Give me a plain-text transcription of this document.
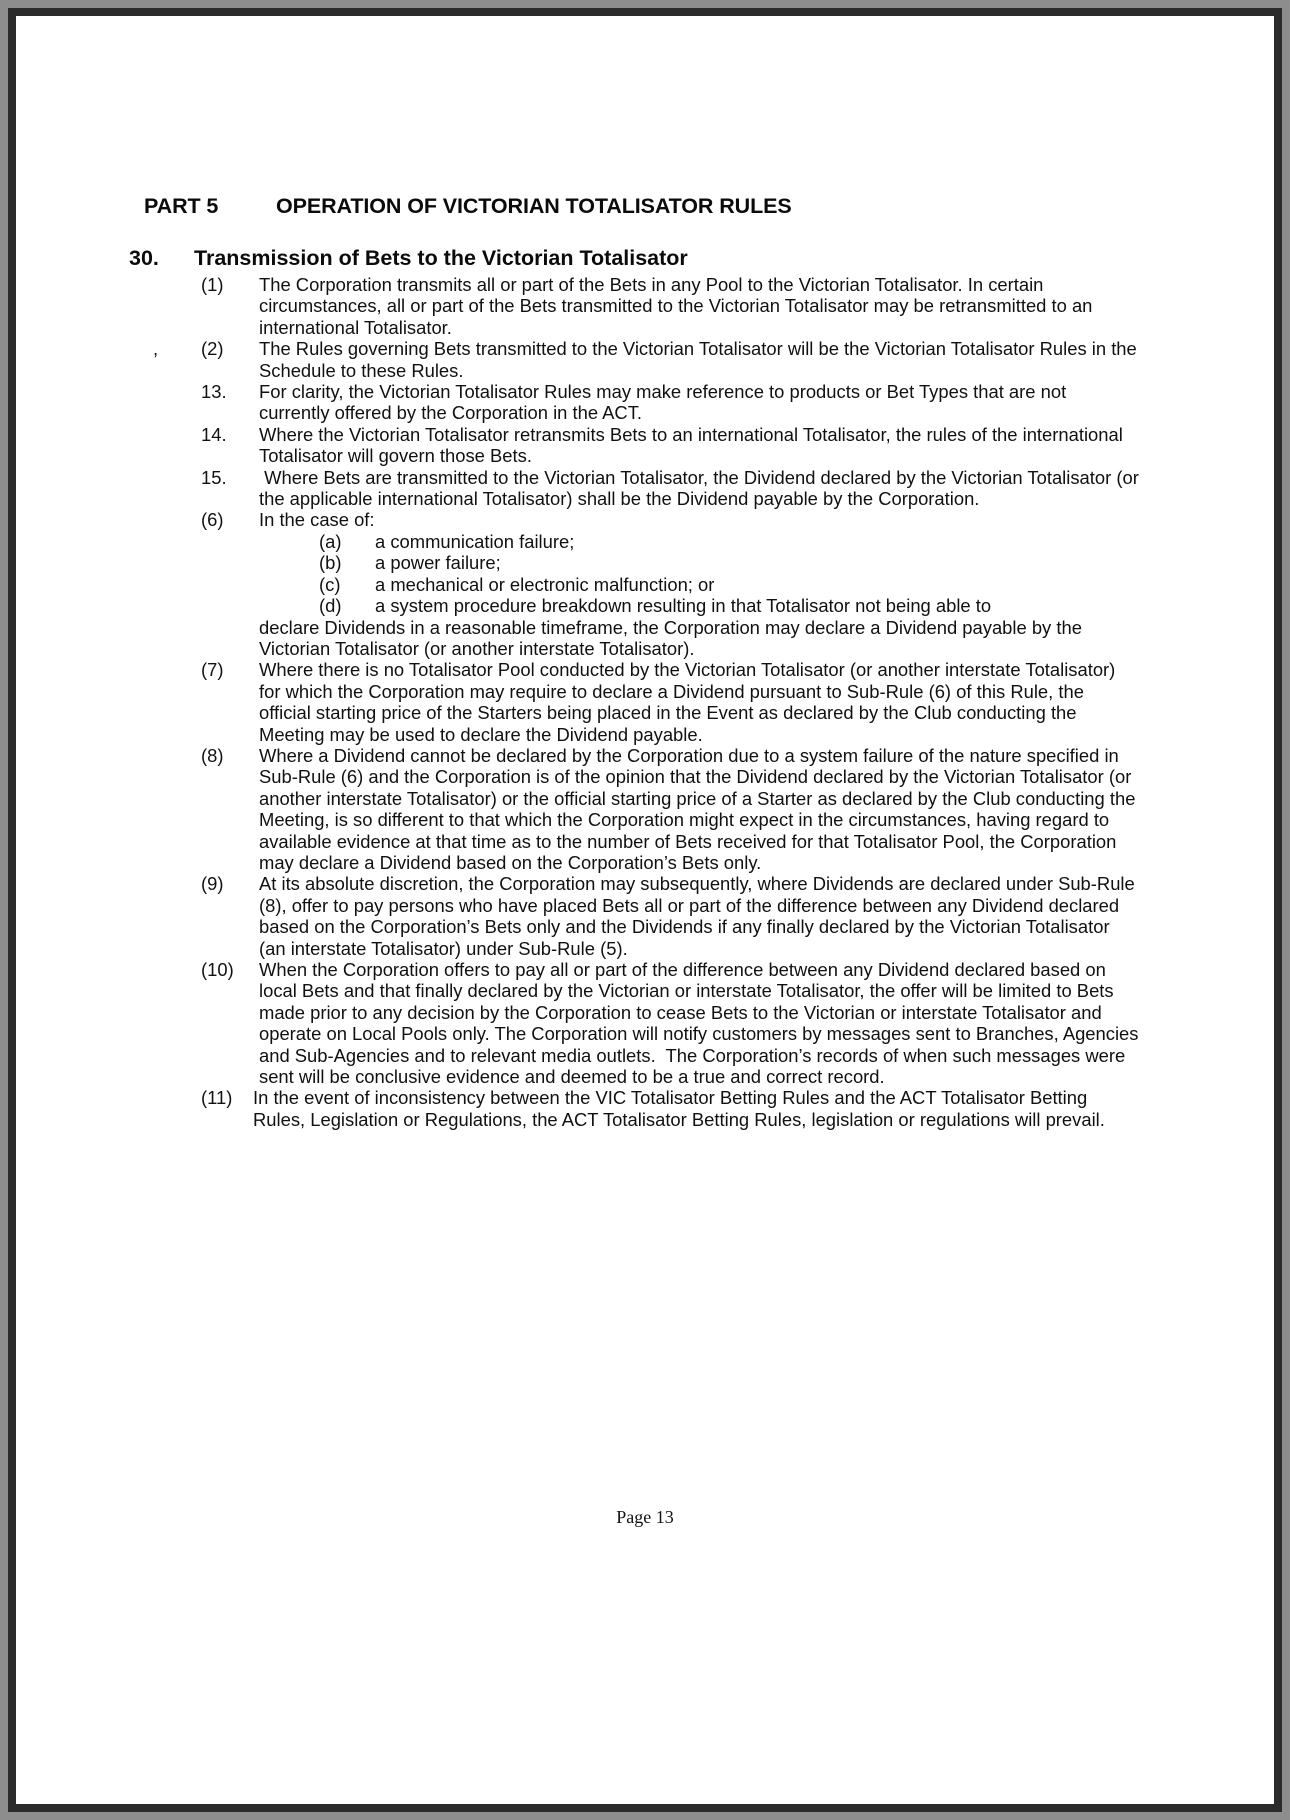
PART 5	OPERATION OF VICTORIAN TOTALISATOR RULES
30. Transmission of Bets to the Victorian Totalisator
(1)	The Corporation transmits all or part of the Bets in any Pool to the Victorian Totalisator. In certain circumstances, all or part of the Bets transmitted to the Victorian Totalisator may be retransmitted to an international Totalisator.
(2)	The Rules governing Bets transmitted to the Victorian Totalisator will be the Victorian Totalisator Rules in the Schedule to these Rules.
,
13.	For clarity, the Victorian Totalisator Rules may make reference to products or Bet Types that are not currently offered by the Corporation in the ACT.
14.	Where the Victorian Totalisator retransmits Bets to an international Totalisator, the rules of the international Totalisator will govern those Bets.
15.	Where Bets are transmitted to the Victorian Totalisator, the Dividend declared by the Victorian Totalisator (or the applicable international Totalisator) shall be the Dividend payable by the Corporation.
(6)	In the case of:
(a)	a communication failure;
(b)	a power failure;
(c)	a mechanical or electronic malfunction; or
(d)	a system procedure breakdown resulting in that Totalisator not being able to
declare Dividends in a reasonable timeframe, the Corporation may declare a Dividend payable by the Victorian Totalisator (or another interstate Totalisator).
(7)	Where there is no Totalisator Pool conducted by the Victorian Totalisator (or another interstate Totalisator) for which the Corporation may require to declare a Dividend pursuant to Sub-Rule (6) of this Rule, the official starting price of the Starters being placed in the Event as declared by the Club conducting the Meeting may be used to declare the Dividend payable.
(8)	Where a Dividend cannot be declared by the Corporation due to a system failure of the nature specified in Sub-Rule (6) and the Corporation is of the opinion that the Dividend declared by the Victorian Totalisator (or another interstate Totalisator) or the official starting price of a Starter as declared by the Club conducting the Meeting, is so different to that which the Corporation might expect in the circumstances, having regard to available evidence at that time as to the number of Bets received for that Totalisator Pool, the Corporation may declare a Dividend based on the Corporation’s Bets only.
(9)	At its absolute discretion, the Corporation may subsequently, where Dividends are declared under Sub-Rule (8), offer to pay persons who have placed Bets all or part of the difference between any Dividend declared based on the Corporation’s Bets only and the Dividends if any finally declared by the Victorian Totalisator (an interstate Totalisator) under Sub-Rule (5).
(10)	When the Corporation offers to pay all or part of the difference between any Dividend declared based on local Bets and that finally declared by the Victorian or interstate Totalisator, the offer will be limited to Bets made prior to any decision by the Corporation to cease Bets to the Victorian or interstate Totalisator and operate on Local Pools only. The Corporation will notify customers by messages sent to Branches, Agencies and Sub-Agencies and to relevant media outlets.  The Corporation’s records of when such messages were sent will be conclusive evidence and deemed to be a true and correct record.
(11)	In the event of inconsistency between the VIC Totalisator Betting Rules and the ACT Totalisator Betting Rules, Legislation or Regulations, the ACT Totalisator Betting Rules, legislation or regulations will prevail.
Page 13
